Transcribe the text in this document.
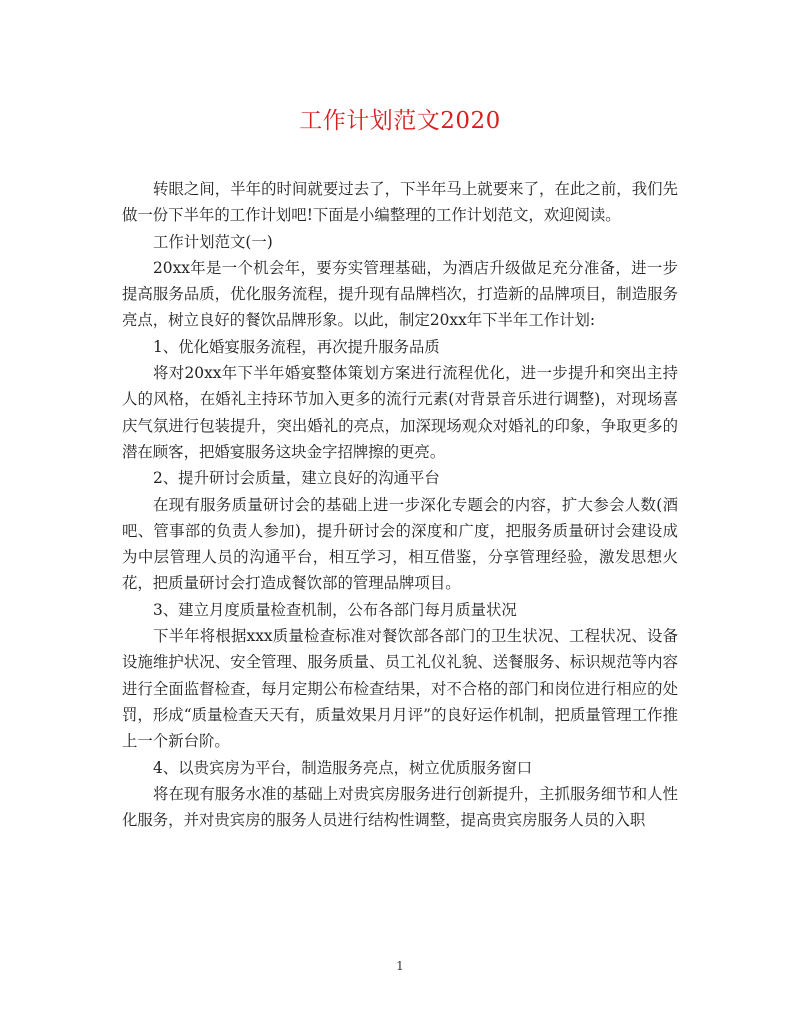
工作计划范文2020

转眼之间，半年的时间就要过去了，下半年马上就要来了，在此之前，我们先做一份下半年的工作计划吧!下面是小编整理的工作计划范文，欢迎阅读。

工作计划范文(一)

20xx年是一个机会年，要夯实管理基础，为酒店升级做足充分准备，进一步提高服务品质，优化服务流程，提升现有品牌档次，打造新的品牌项目，制造服务亮点，树立良好的餐饮品牌形象。以此，制定20xx年下半年工作计划:

1、优化婚宴服务流程，再次提升服务品质

将对20xx年下半年婚宴整体策划方案进行流程优化，进一步提升和突出主持人的风格，在婚礼主持环节加入更多的流行元素(对背景音乐进行调整)，对现场喜庆气氛进行包装提升，突出婚礼的亮点，加深现场观众对婚礼的印象，争取更多的潜在顾客，把婚宴服务这块金字招牌擦的更亮。

2、提升研讨会质量，建立良好的沟通平台

在现有服务质量研讨会的基础上进一步深化专题会的内容，扩大参会人数(酒吧、管事部的负责人参加)，提升研讨会的深度和广度，把服务质量研讨会建设成为中层管理人员的沟通平台，相互学习，相互借鉴，分享管理经验，激发思想火花，把质量研讨会打造成餐饮部的管理品牌项目。

3、建立月度质量检查机制，公布各部门每月质量状况

下半年将根据xxx质量检查标准对餐饮部各部门的卫生状况、工程状况、设备设施维护状况、安全管理、服务质量、员工礼仪礼貌、送餐服务、标识规范等内容进行全面监督检查，每月定期公布检查结果，对不合格的部门和岗位进行相应的处罚，形成“质量检查天天有，质量效果月月评”的良好运作机制，把质量管理工作推上一个新台阶。

4、以贵宾房为平台，制造服务亮点，树立优质服务窗口

将在现有服务水准的基础上对贵宾房服务进行创新提升，主抓服务细节和人性化服务，并对贵宾房的服务人员进行结构性调整，提高贵宾房服务人员的入职

1
